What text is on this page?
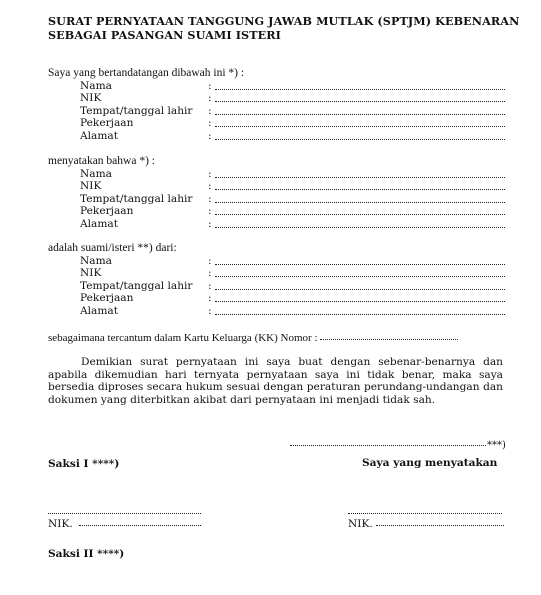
SURAT PERNYATAAN TANGGUNG JAWAB MUTLAK (SPTJM) KEBENARAN
SEBAGAI PASANGAN SUAMI ISTERI
Saya yang bertandatangan dibawah ini *) :
Nama	:
NIK	:
Tempat/tanggal lahir :
Pekerjaan	:
Alamat	:
menyatakan bahwa *) :
Nama	:
NIK	:
Tempat/tanggal lahir :
Pekerjaan	:
Alamat	:
adalah suami/isteri **) dari:
Nama	:
NIK	:
Tempat/tanggal lahir :
Pekerjaan	:
Alamat	:
sebagaimana tercantum dalam Kartu Keluarga (KK) Nomor :
Demikian surat pernyataan ini saya buat dengan sebenar-benarnya dan apabila dikemudian hari ternyata pernyataan saya ini tidak benar, maka saya bersedia diproses secara hukum sesuai dengan peraturan perundang-undangan dan dokumen yang diterbitkan akibat dari pernyataan ini menjadi tidak sah.
***)
Saksi I ****)	Saya yang menyatakan
NIK.	NIK.
Saksi II ****)
